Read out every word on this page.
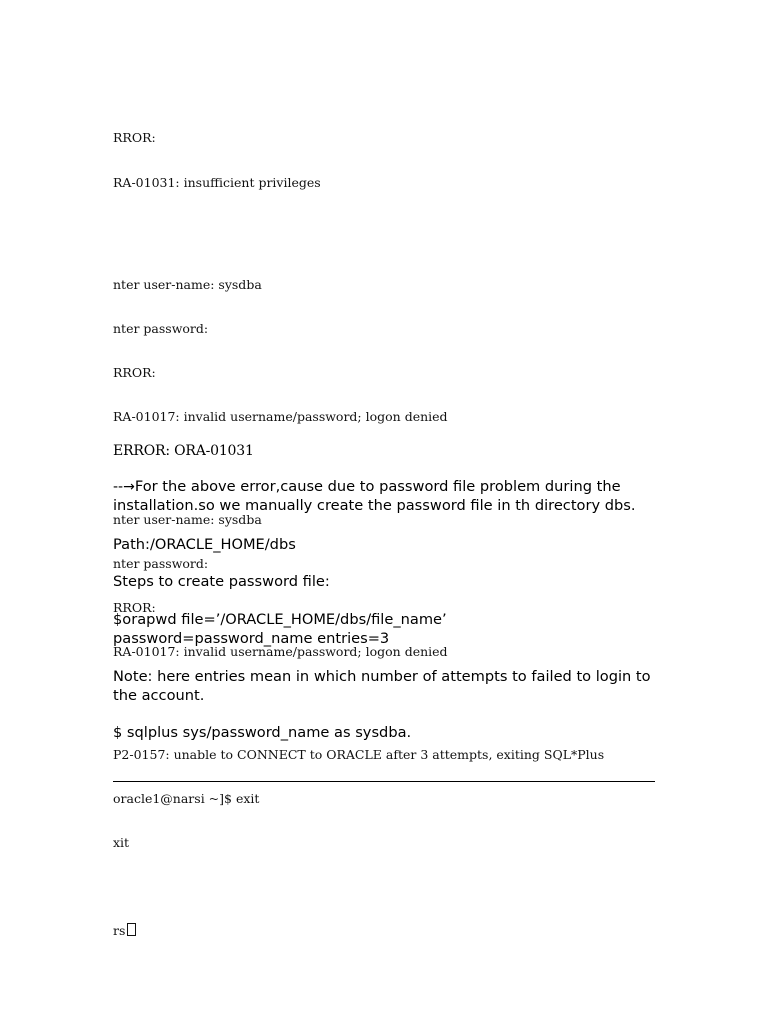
RROR:

RA-01031: insufficient privileges

nter user-name: sysdba

nter password:

RROR:

RA-01017: invalid username/password; logon denied

nter user-name: sysdba

nter password:

RROR:

RA-01017: invalid username/password; logon denied

P2-0157: unable to CONNECT to ORACLE after 3 attempts, exiting SQL*Plus

oracle1@narsi ~]$ exit

xit

rs

ERROR: ORA-01031
--→For the above error,cause due to password file problem during the installation.so we manually create the password file in th directory dbs.
Path:/ORACLE_HOME/dbs
Steps to create password file:
$orapwd file=’/ORACLE_HOME/dbs/file_name’
password=password_name entries=3
Note: here entries mean in which number of attempts to failed to login to the account.
$ sqlplus sys/password_name as sysdba.
